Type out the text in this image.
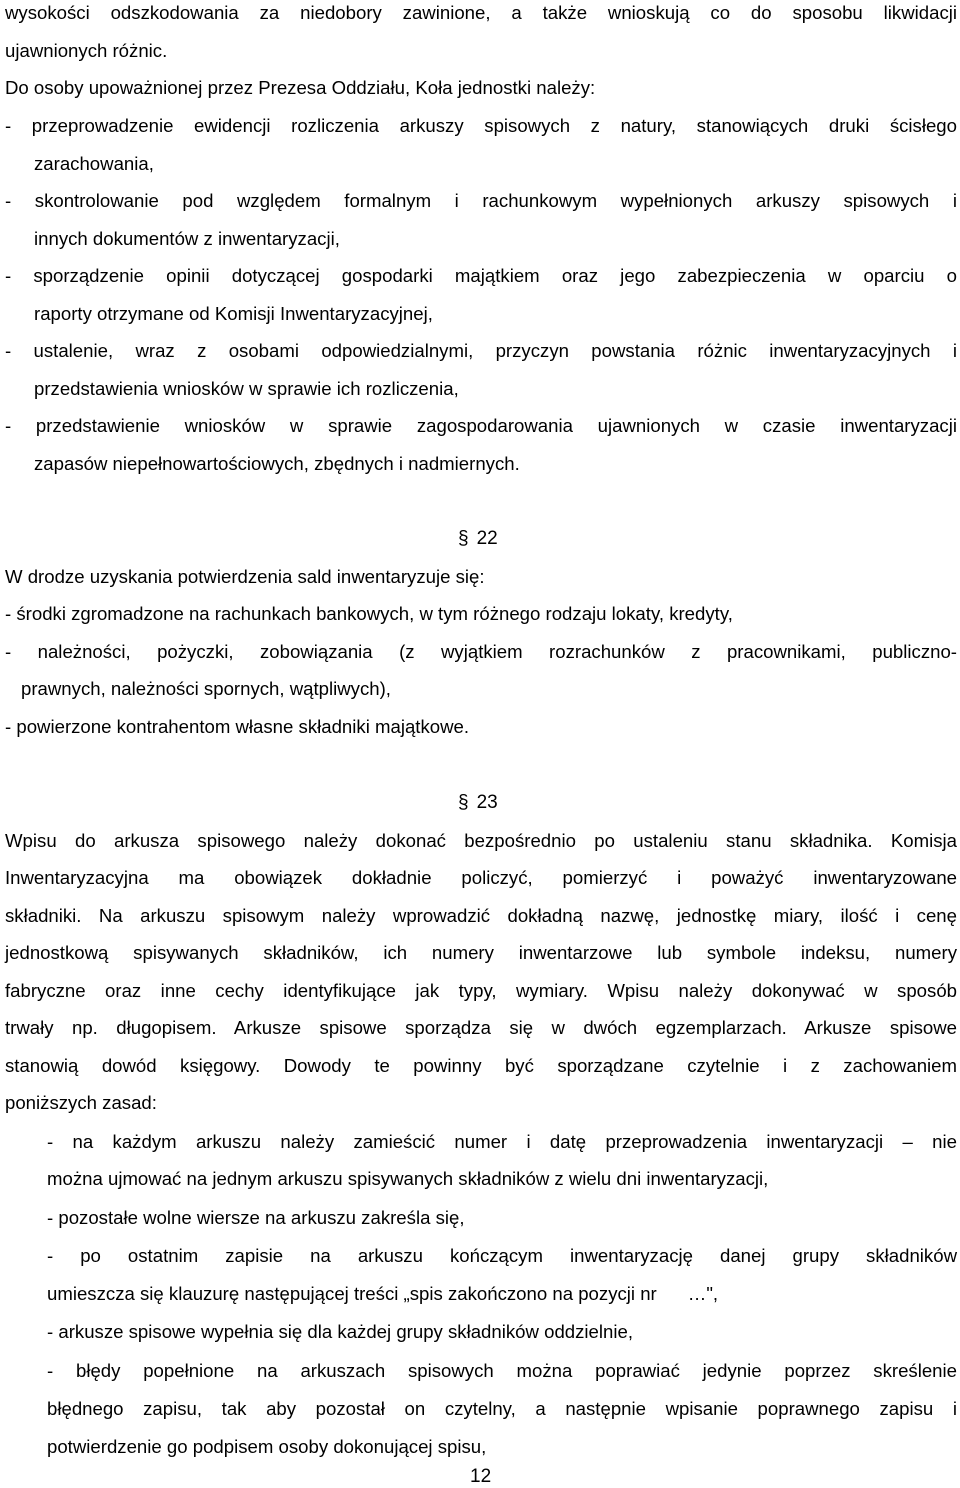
wysokości odszkodowania za niedobory zawinione, a także wnioskują co do sposobu likwidacji

ujawnionych różnic.

Do osoby upoważnionej przez Prezesa Oddziału, Koła jednostki należy:

- przeprowadzenie ewidencji rozliczenia arkuszy spisowych z natury, stanowiących druki ścisłego

zarachowania,

- skontrolowanie pod względem formalnym i rachunkowym wypełnionych arkuszy spisowych i

innych dokumentów z inwentaryzacji,

- sporządzenie opinii dotyczącej gospodarki majątkiem oraz jego zabezpieczenia w oparciu o

raporty otrzymane od Komisji Inwentaryzacyjnej,

- ustalenie, wraz z osobami odpowiedzialnymi, przyczyn powstania różnic inwentaryzacyjnych i

przedstawienia wniosków w sprawie ich rozliczenia,

- przedstawienie wniosków w sprawie zagospodarowania ujawnionych w czasie inwentaryzacji

zapasów niepełnowartościowych, zbędnych i nadmiernych.

§ 22

W drodze uzyskania potwierdzenia sald inwentaryzuje się:

- środki zgromadzone na rachunkach bankowych, w tym różnego rodzaju lokaty, kredyty,

- należności, pożyczki, zobowiązania (z wyjątkiem rozrachunków z pracownikami, publiczno-

prawnych, należności spornych, wątpliwych),

- powierzone kontrahentom własne składniki majątkowe.

§ 23

Wpisu do arkusza spisowego należy dokonać bezpośrednio po ustaleniu stanu składnika. Komisja

Inwentaryzacyjna ma obowiązek dokładnie policzyć, pomierzyć i poważyć inwentaryzowane

składniki. Na arkuszu spisowym należy wprowadzić dokładną nazwę, jednostkę miary, ilość i cenę

jednostkową spisywanych składników, ich numery inwentarzowe lub symbole indeksu, numery

fabryczne oraz inne cechy identyfikujące jak typy, wymiary. Wpisu należy dokonywać w sposób

trwały np. długopisem. Arkusze spisowe sporządza się w dwóch egzemplarzach. Arkusze spisowe

stanowią dowód księgowy. Dowody te powinny być sporządzane czytelnie i z zachowaniem

poniższych zasad:

- na każdym arkuszu należy zamieścić numer i datę przeprowadzenia inwentaryzacji – nie

można ujmować na jednym arkuszu spisywanych składników z wielu dni inwentaryzacji,

- pozostałe wolne wiersze na arkuszu zakreśla się,

- po ostatnim zapisie na arkuszu kończącym inwentaryzację danej grupy składników

umieszcza się klauzurę następującej treści „spis zakończono na pozycji nr      …",

- arkusze spisowe wypełnia się dla każdej grupy składników oddzielnie,

- błędy popełnione na arkuszach spisowych można poprawiać jedynie poprzez skreślenie

błędnego zapisu, tak aby pozostał on czytelny, a następnie wpisanie poprawnego zapisu i

potwierdzenie go podpisem osoby dokonującej spisu,

12
